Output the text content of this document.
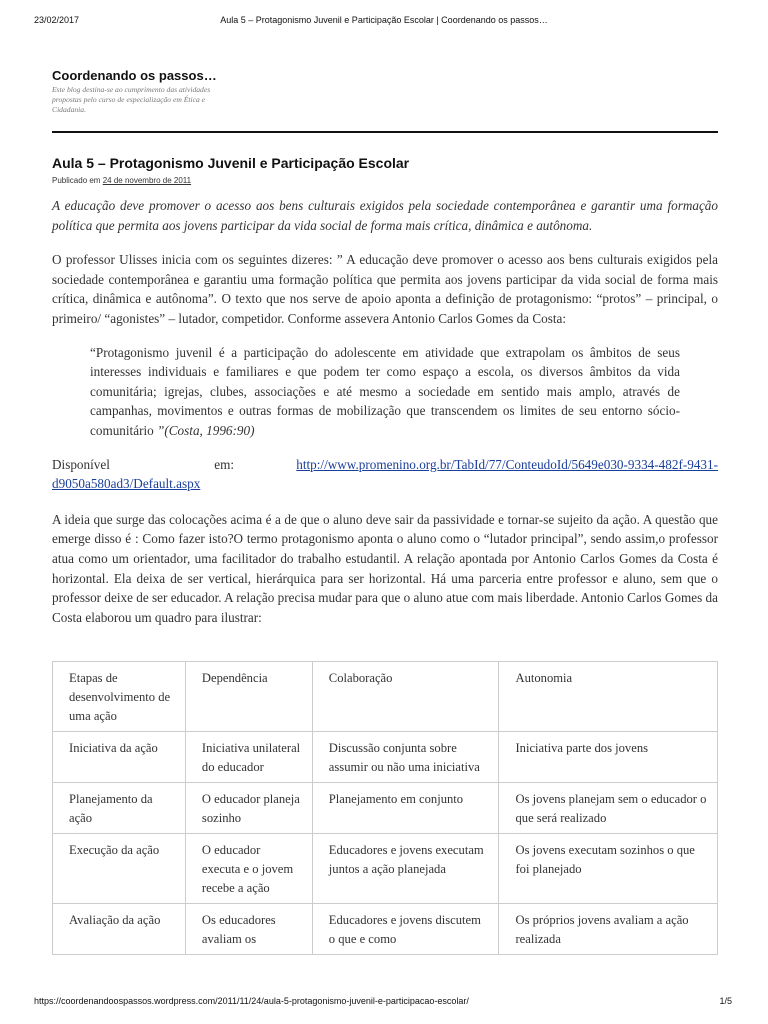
23/02/2017	Aula 5 – Protagonismo Juvenil e Participação Escolar | Coordenando os passos…
Coordenando os passos…
Este blog destina-se ao cumprimento das atividades propostas pelo curso de especialização em Ética e Cidadania.
Aula 5 – Protagonismo Juvenil e Participação Escolar
Publicado em 24 de novembro de 2011

A educação deve promover o acesso aos bens culturais exigidos pela sociedade contemporânea e garantir uma formação política que permita aos jovens participar da vida social de forma mais crítica, dinâmica e autônoma.

O professor Ulisses inicia com os seguintes dizeres: ” A educação deve promover o acesso aos bens culturais exigidos pela sociedade contemporânea e garantiu uma formação política que permita aos jovens participar da vida social de forma mais crítica, dinâmica e autônoma”. O texto que nos serve de apoio aponta a definição de protagonismo: “protos” – principal, o primeiro/ “agonistes” – lutador, competidor. Conforme assevera Antonio Carlos Gomes da Costa:

“Protagonismo juvenil é a participação do adolescente em atividade que extrapolam os âmbitos de seus interesses individuais e familiares e que podem ter como espaço a escola, os diversos âmbitos da vida comunitária; igrejas, clubes, associações e até mesmo a sociedade em sentido mais amplo, através de campanhas, movimentos e outras formas de mobilização que transcendem os limites de seu entorno sócio- comunitário ”(Costa, 1996:90)

Disponível	em:	http://www.promenino.org.br/TabId/77/ConteudoId/5649e030-9334-482f-9431-d9050a580ad3/Default.aspx

A ideia que surge das colocações acima é a de que o aluno deve sair da passividade e tornar-se sujeito da ação. A questão que emerge disso é : Como fazer isto?O termo protagonismo aponta o aluno como o “lutador principal”, sendo assim,o professor atua como um orientador, uma facilitador do trabalho estudantil. A relação apontada por Antonio Carlos Gomes da Costa é horizontal. Ela deixa de ser vertical, hierárquica para ser horizontal. Há uma parceria entre professor e aluno, sem que o professor deixe de ser educador. A relação precisa mudar para que o aluno atue com mais liberdade. Antonio Carlos Gomes da Costa elaborou um quadro para ilustrar:

Etapas de desenvolvimento de uma ação	Dependência	Colaboração	Autonomia
Iniciativa da ação	Iniciativa unilateral do educador	Discussão conjunta sobre assumir ou não uma iniciativa	Iniciativa parte dos jovens
Planejamento da ação	O educador planeja sozinho	Planejamento em conjunto	Os jovens planejam sem o educador o que será realizado
Execução da ação	O educador executa e o jovem recebe a ação	Educadores e jovens executam juntos a ação planejada	Os jovens executam sozinhos o que foi planejado
Avaliação da ação	Os educadores avaliam os	Educadores e jovens discutem o que e como	Os próprios jovens avaliam a ação realizada
https://coordenandoospassos.wordpress.com/2011/11/24/aula-5-protagonismo-juvenil-e-participacao-escolar/	1/5
